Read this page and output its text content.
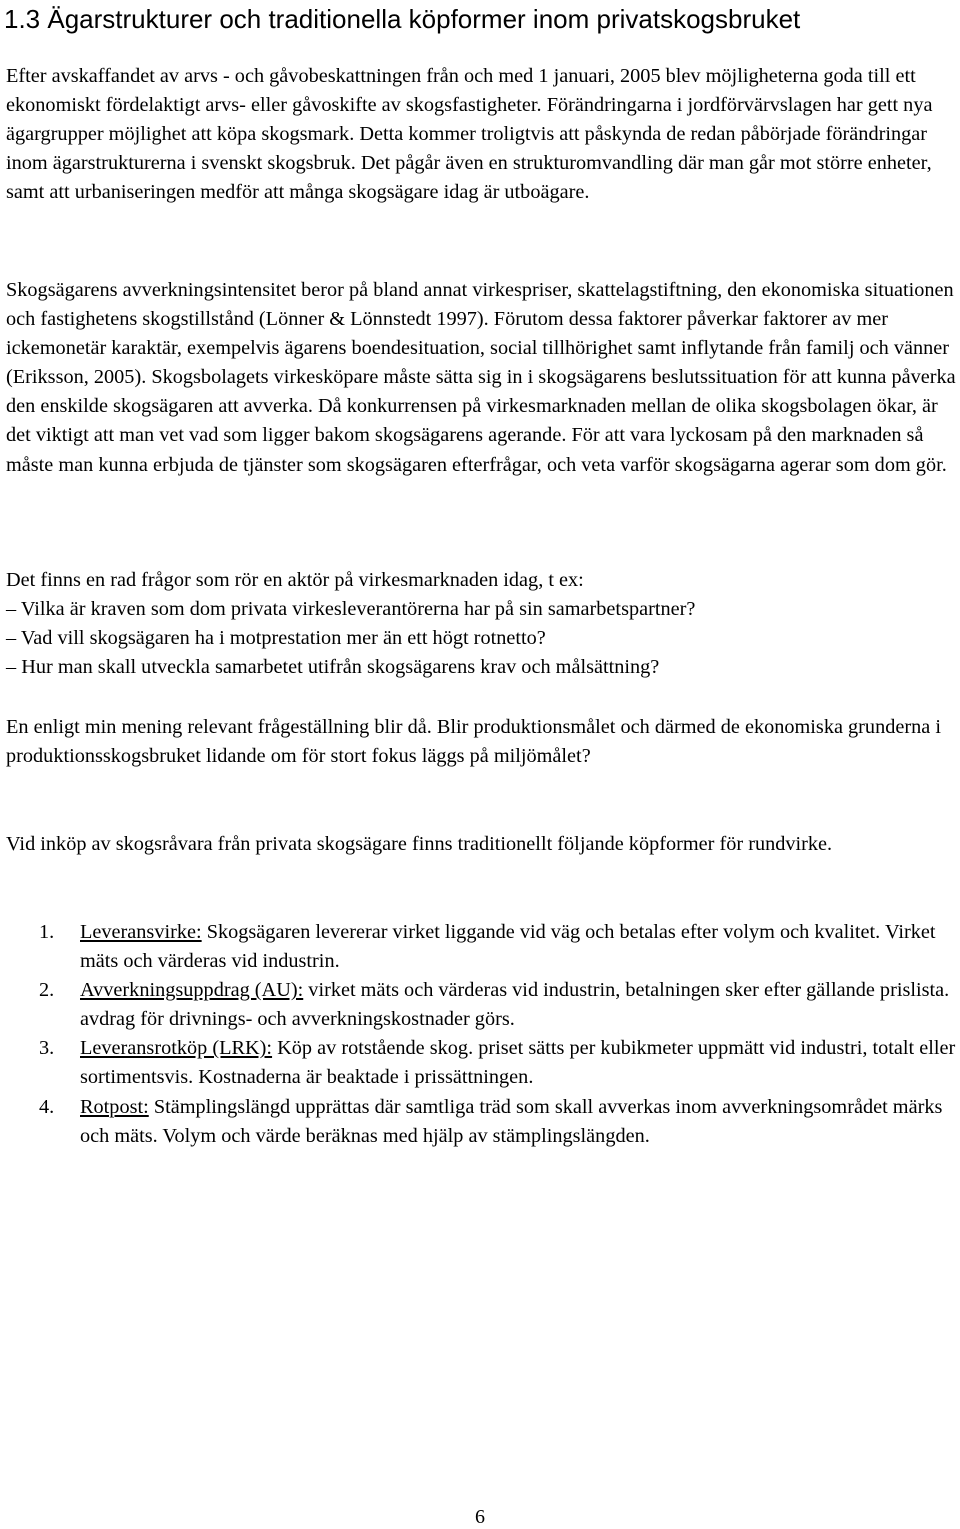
1.3 Ägarstrukturer och traditionella köpformer inom privatskogsbruket

Efter avskaffandet av arvs - och gåvobeskattningen från och med 1 januari, 2005 blev möjligheterna goda till ett ekonomiskt fördelaktigt arvs- eller gåvoskifte av skogsfastigheter. Förändringarna i jordförvärvslagen har gett nya ägargrupper möjlighet att köpa skogsmark. Detta kommer troligtvis att påskynda de redan påbörjade förändringar inom ägarstrukturerna i svenskt skogsbruk. Det pågår även en strukturomvandling där man går mot större enheter, samt att urbaniseringen medför att många skogsägare idag är utboägare.

Skogsägarens avverkningsintensitet beror på bland annat virkespriser, skattelagstiftning, den ekonomiska situationen och fastighetens skogstillstånd (Lönner & Lönnstedt 1997). Förutom dessa faktorer påverkar faktorer av mer ickemonetär karaktär, exempelvis ägarens boendesituation, social tillhörighet samt inflytande från familj och vänner (Eriksson, 2005). Skogsbolagets virkesköpare måste sätta sig in i skogsägarens beslutssituation för att kunna påverka den enskilde skogsägaren att avverka. Då konkurrensen på virkesmarknaden mellan de olika skogsbolagen ökar, är det viktigt att man vet vad som ligger bakom skogsägarens agerande. För att vara lyckosam på den marknaden så måste man kunna erbjuda de tjänster som skogsägaren efterfrågar, och veta varför skogsägarna agerar som dom gör.

Det finns en rad frågor som rör en aktör på virkesmarknaden idag, t ex:

– Vilka är kraven som dom privata virkesleverantörerna har på sin samarbetspartner?
– Vad vill skogsägaren ha i motprestation mer än ett högt rotnetto?
– Hur man skall utveckla samarbetet utifrån skogsägarens krav och målsättning?

En enligt min mening relevant frågeställning blir då. Blir produktionsmålet och därmed de ekonomiska grunderna i produktionsskogsbruket lidande om för stort fokus läggs på miljömålet?

Vid inköp av skogsråvara från privata skogsägare finns traditionellt följande köpformer för rundvirke.

1. Leveransvirke: Skogsägaren levererar virket liggande vid väg och betalas efter volym och kvalitet. Virket mäts och värderas vid industrin.
2. Avverkningsuppdrag (AU): virket mäts och värderas vid industrin, betalningen sker efter gällande prislista. avdrag för drivnings- och avverkningskostnader görs.
3. Leveransrotköp (LRK): Köp av rotstående skog. priset sätts per kubikmeter uppmätt vid industri, totalt eller sortimentsvis. Kostnaderna är beaktade i prissättningen.
4. Rotpost: Stämplingslängd upprättas där samtliga träd som skall avverkas inom avverkningsområdet märks och mäts. Volym och värde beräknas med hjälp av stämplingslängden.
6
